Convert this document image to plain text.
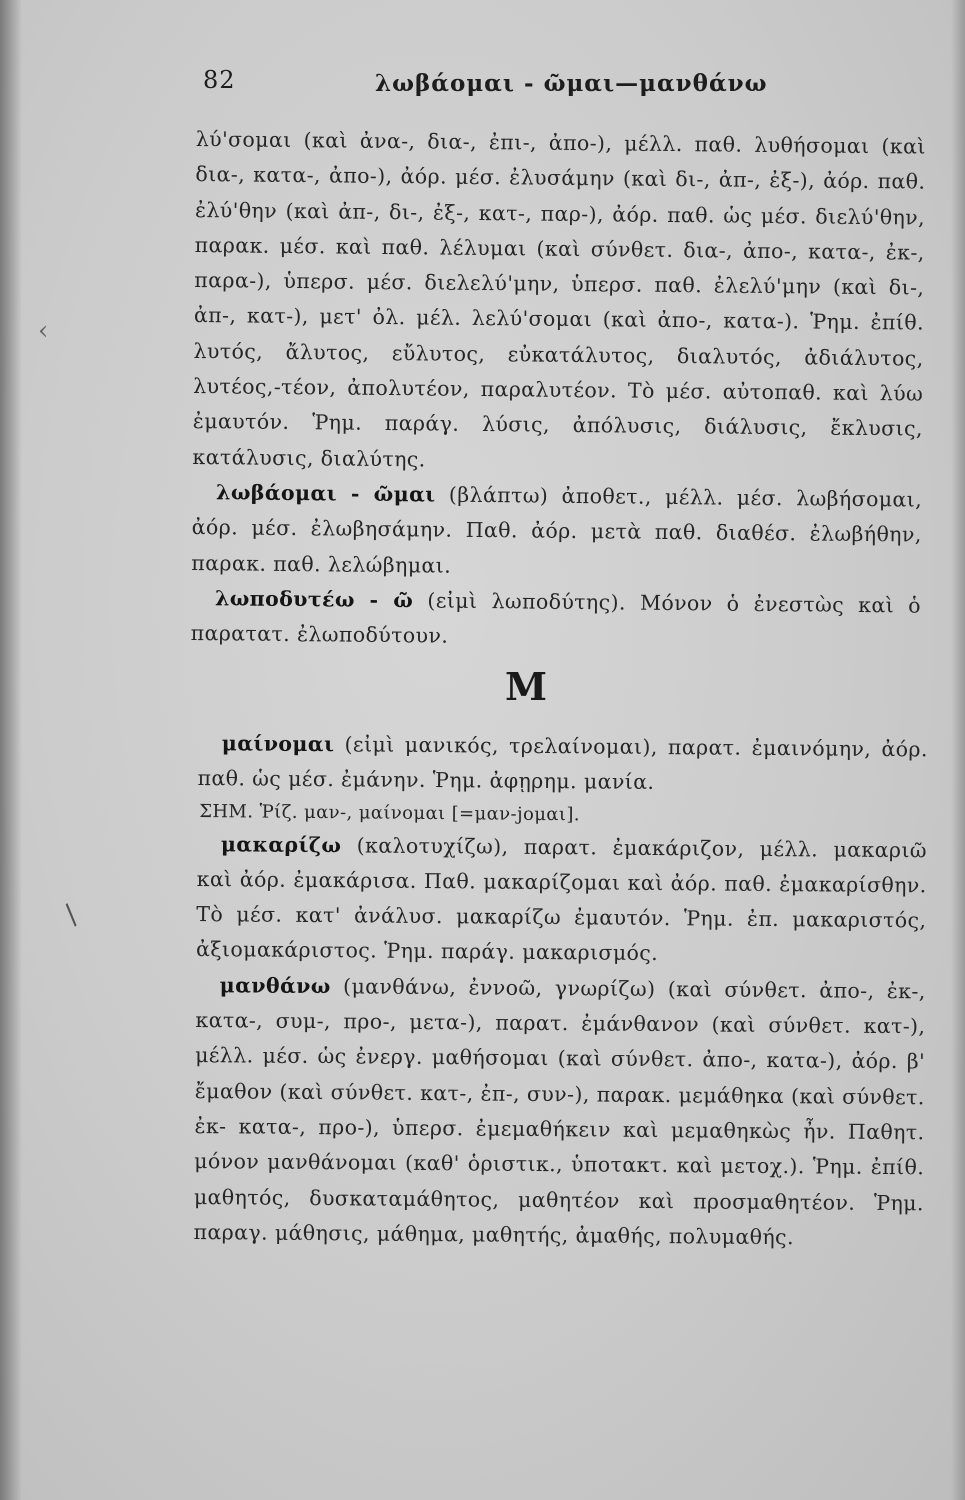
‹
/
82	λωβάομαι - ῶμαι—μανθάνω

λύ'σομαι (καὶ ἀνα-, δια-, ἐπι-, ἀπο-), μέλλ. παθ. λυθήσομαι (καὶ δια-, κατα-, ἀπο-), ἀόρ. μέσ. ἐλυσάμην (καὶ δι-, ἀπ-, ἐξ-), ἀόρ. παθ. ἐλύ'θην (καὶ ἀπ-, δι-, ἐξ-, κατ-, παρ-), ἀόρ. παθ. ὡς μέσ. διελύ'θην, παρακ. μέσ. καὶ παθ. λέλυμαι (καὶ σύνθετ. δια-, ἀπο-, κατα-, ἐκ-, παρα-), ὑπερσ. μέσ. διελελύ'μην, ὑπερσ. παθ. ἐλελύ'μην (καὶ δι-, ἀπ-, κατ-), μετ' ὀλ. μέλ. λελύ'σομαι (καὶ ἀπο-, κατα-). Ῥημ. ἐπίθ. λυτός, ἄλυτος, εὔλυτος, εὐκατάλυτος, διαλυτός, ἀδιάλυτος, λυτέος,-τέον, ἀπολυτέον, παραλυτέον. Τὸ μέσ. αὐτοπαθ. καὶ λύω ἐμαυτόν. Ῥημ. παράγ. λύσις, ἀπόλυσις, διάλυσις, ἔκλυσις, κατάλυσις, διαλύτης.

λωβάομαι - ῶμαι (βλάπτω) ἀποθετ., μέλλ. μέσ. λωβήσομαι, ἀόρ. μέσ. ἐλωβησάμην. Παθ. ἀόρ. μετὰ παθ. διαθέσ. ἐλωβήθην, παρακ. παθ. λελώβημαι.

λωποδυτέω - ῶ (εἰμὶ λωποδύτης). Μόνον ὁ ἐνεστὼς καὶ ὁ παρατατ. ἐλωποδύτουν.

M

μαίνομαι (εἰμὶ μανικός, τρελαίνομαι), παρατ. ἐμαινόμην, ἀόρ. παθ. ὡς μέσ. ἐμάνην. Ῥημ. ἀφῃρημ. μανία.

ΣΗΜ. Ῥίζ. μαν-, μαίνομαι [=μαν-jομαι].

μακαρίζω (καλοτυχίζω), παρατ. ἐμακάριζον, μέλλ. μακαριῶ καὶ ἀόρ. ἐμακάρισα. Παθ. μακαρίζομαι καὶ ἀόρ. παθ. ἐμακαρίσθην. Τὸ μέσ. κατ' ἀνάλυσ. μακαρίζω ἐμαυτόν. Ῥημ. ἐπ. μακαριστός, ἀξιομακάριστος. Ῥημ. παράγ. μακαρισμός.

μανθάνω (μανθάνω, ἐννοῶ, γνωρίζω) (καὶ σύνθετ. ἀπο-, ἐκ-, κατα-, συμ-, προ-, μετα-), παρατ. ἐμάνθανον (καὶ σύνθετ. κατ-), μέλλ. μέσ. ὡς ἐνεργ. μαθήσομαι (καὶ σύνθετ. ἀπο-, κατα-), ἀόρ. β' ἔμαθον (καὶ σύνθετ. κατ-, ἐπ-, συν-), παρακ. μεμάθηκα (καὶ σύνθετ. ἐκ- κατα-, προ-), ὑπερσ. ἐμεμαθήκειν καὶ μεμαθηκὼς ἦν. Παθητ. μόνον μανθάνομαι (καθ' ὁριστικ., ὑποτακτ. καὶ μετοχ.). Ῥημ. ἐπίθ. μαθητός, δυσκαταμάθητος, μαθητέον καὶ προσμαθητέον. Ῥημ. παραγ. μάθησις, μάθημα, μαθητής, ἀμαθής, πολυμαθής.
